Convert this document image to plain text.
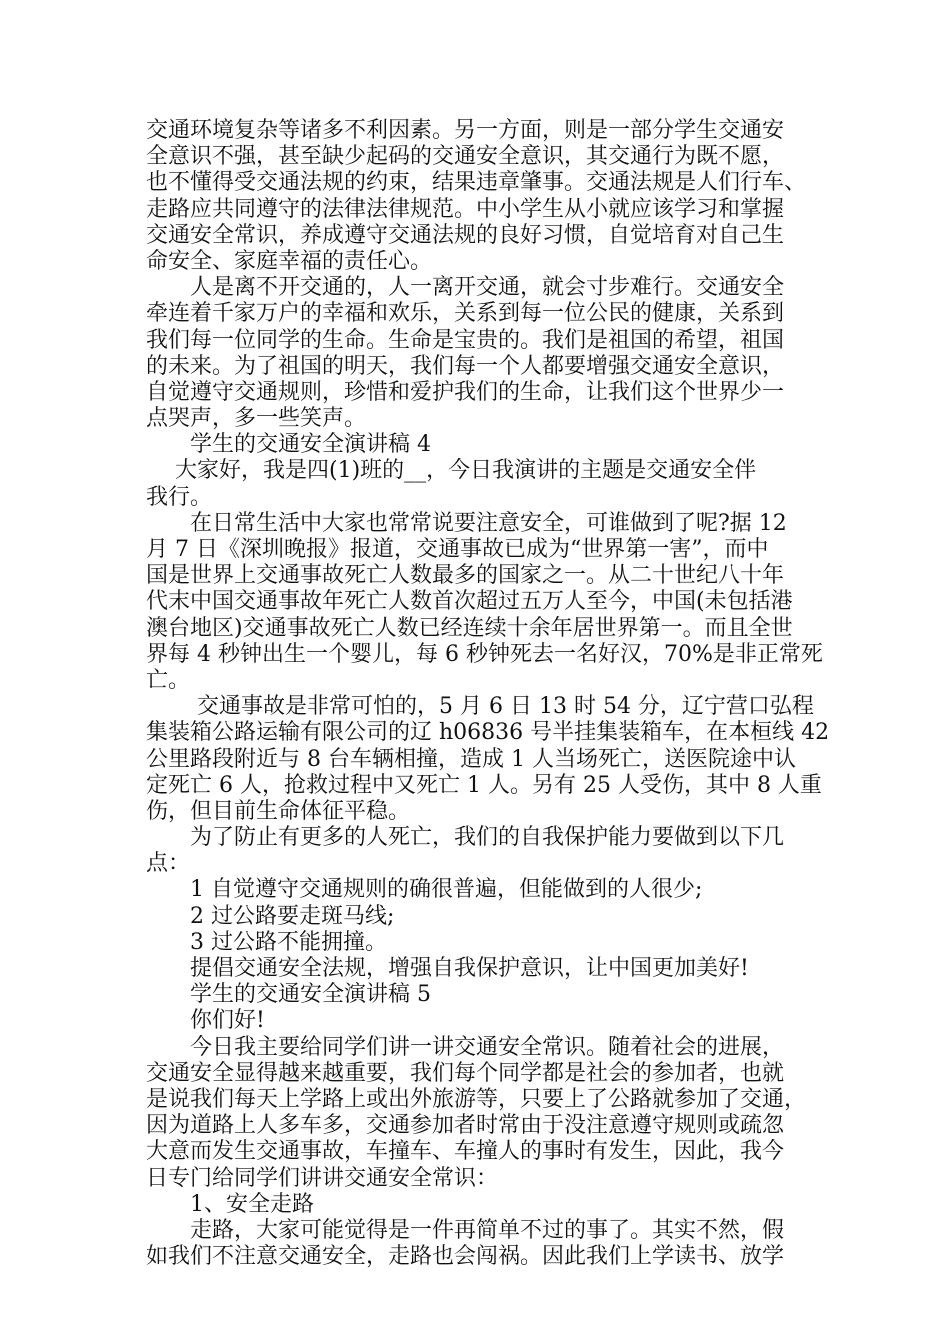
交通环境复杂等诸多不利因素。另一方面，则是一部分学生交通安
全意识不强，甚至缺少起码的交通安全意识，其交通行为既不愿，
也不懂得受交通法规的约束，结果违章肇事。交通法规是人们行车、
走路应共同遵守的法律法律规范。中小学生从小就应该学习和掌握
交通安全常识，养成遵守交通法规的良好习惯，自觉培育对自己生
命安全、家庭幸福的责任心。
　　人是离不开交通的，人一离开交通，就会寸步难行。交通安全
牵连着千家万户的幸福和欢乐，关系到每一位公民的健康，关系到
我们每一位同学的生命。生命是宝贵的。我们是祖国的希望，祖国
的未来。为了祖国的明天，我们每一个人都要增强交通安全意识，
自觉遵守交通规则，珍惜和爱护我们的生命，让我们这个世界少一
点哭声，多一些笑声。
　　学生的交通安全演讲稿 4
　 大家好，我是四(1)班的__，今日我演讲的主题是交通安全伴
我行。
　　在日常生活中大家也常常说要注意安全，可谁做到了呢?据 12
月 7 日《深圳晚报》报道，交通事故已成为“世界第一害”，而中
国是世界上交通事故死亡人数最多的国家之一。从二十世纪八十年
代末中国交通事故年死亡人数首次超过五万人至今，中国(未包括港
澳台地区)交通事故死亡人数已经连续十余年居世界第一。而且全世
界每 4 秒钟出生一个婴儿，每 6 秒钟死去一名好汉，70%是非正常死
亡。
　　 交通事故是非常可怕的，5 月 6 日 13 时 54 分，辽宁营口弘程
集装箱公路运输有限公司的辽 h06836 号半挂集装箱车，在本桓线 42
公里路段附近与 8 台车辆相撞，造成 1 人当场死亡，送医院途中认
定死亡 6 人，抢救过程中又死亡 1 人。另有 25 人受伤，其中 8 人重
伤，但目前生命体征平稳。
　　为了防止有更多的人死亡，我们的自我保护能力要做到以下几
点：
　　1 自觉遵守交通规则的确很普遍，但能做到的人很少;
　　2 过公路要走斑马线;
　　3 过公路不能拥撞。
　　提倡交通安全法规，增强自我保护意识，让中国更加美好!
　　学生的交通安全演讲稿 5
　　你们好!
　　今日我主要给同学们讲一讲交通安全常识。随着社会的进展，
交通安全显得越来越重要，我们每个同学都是社会的参加者，也就
是说我们每天上学路上或出外旅游等，只要上了公路就参加了交通，
因为道路上人多车多，交通参加者时常由于没注意遵守规则或疏忽
大意而发生交通事故，车撞车、车撞人的事时有发生，因此，我今
日专门给同学们讲讲交通安全常识：
　　1、安全走路
　　走路，大家可能觉得是一件再简单不过的事了。其实不然，假
如我们不注意交通安全，走路也会闯祸。因此我们上学读书、放学
